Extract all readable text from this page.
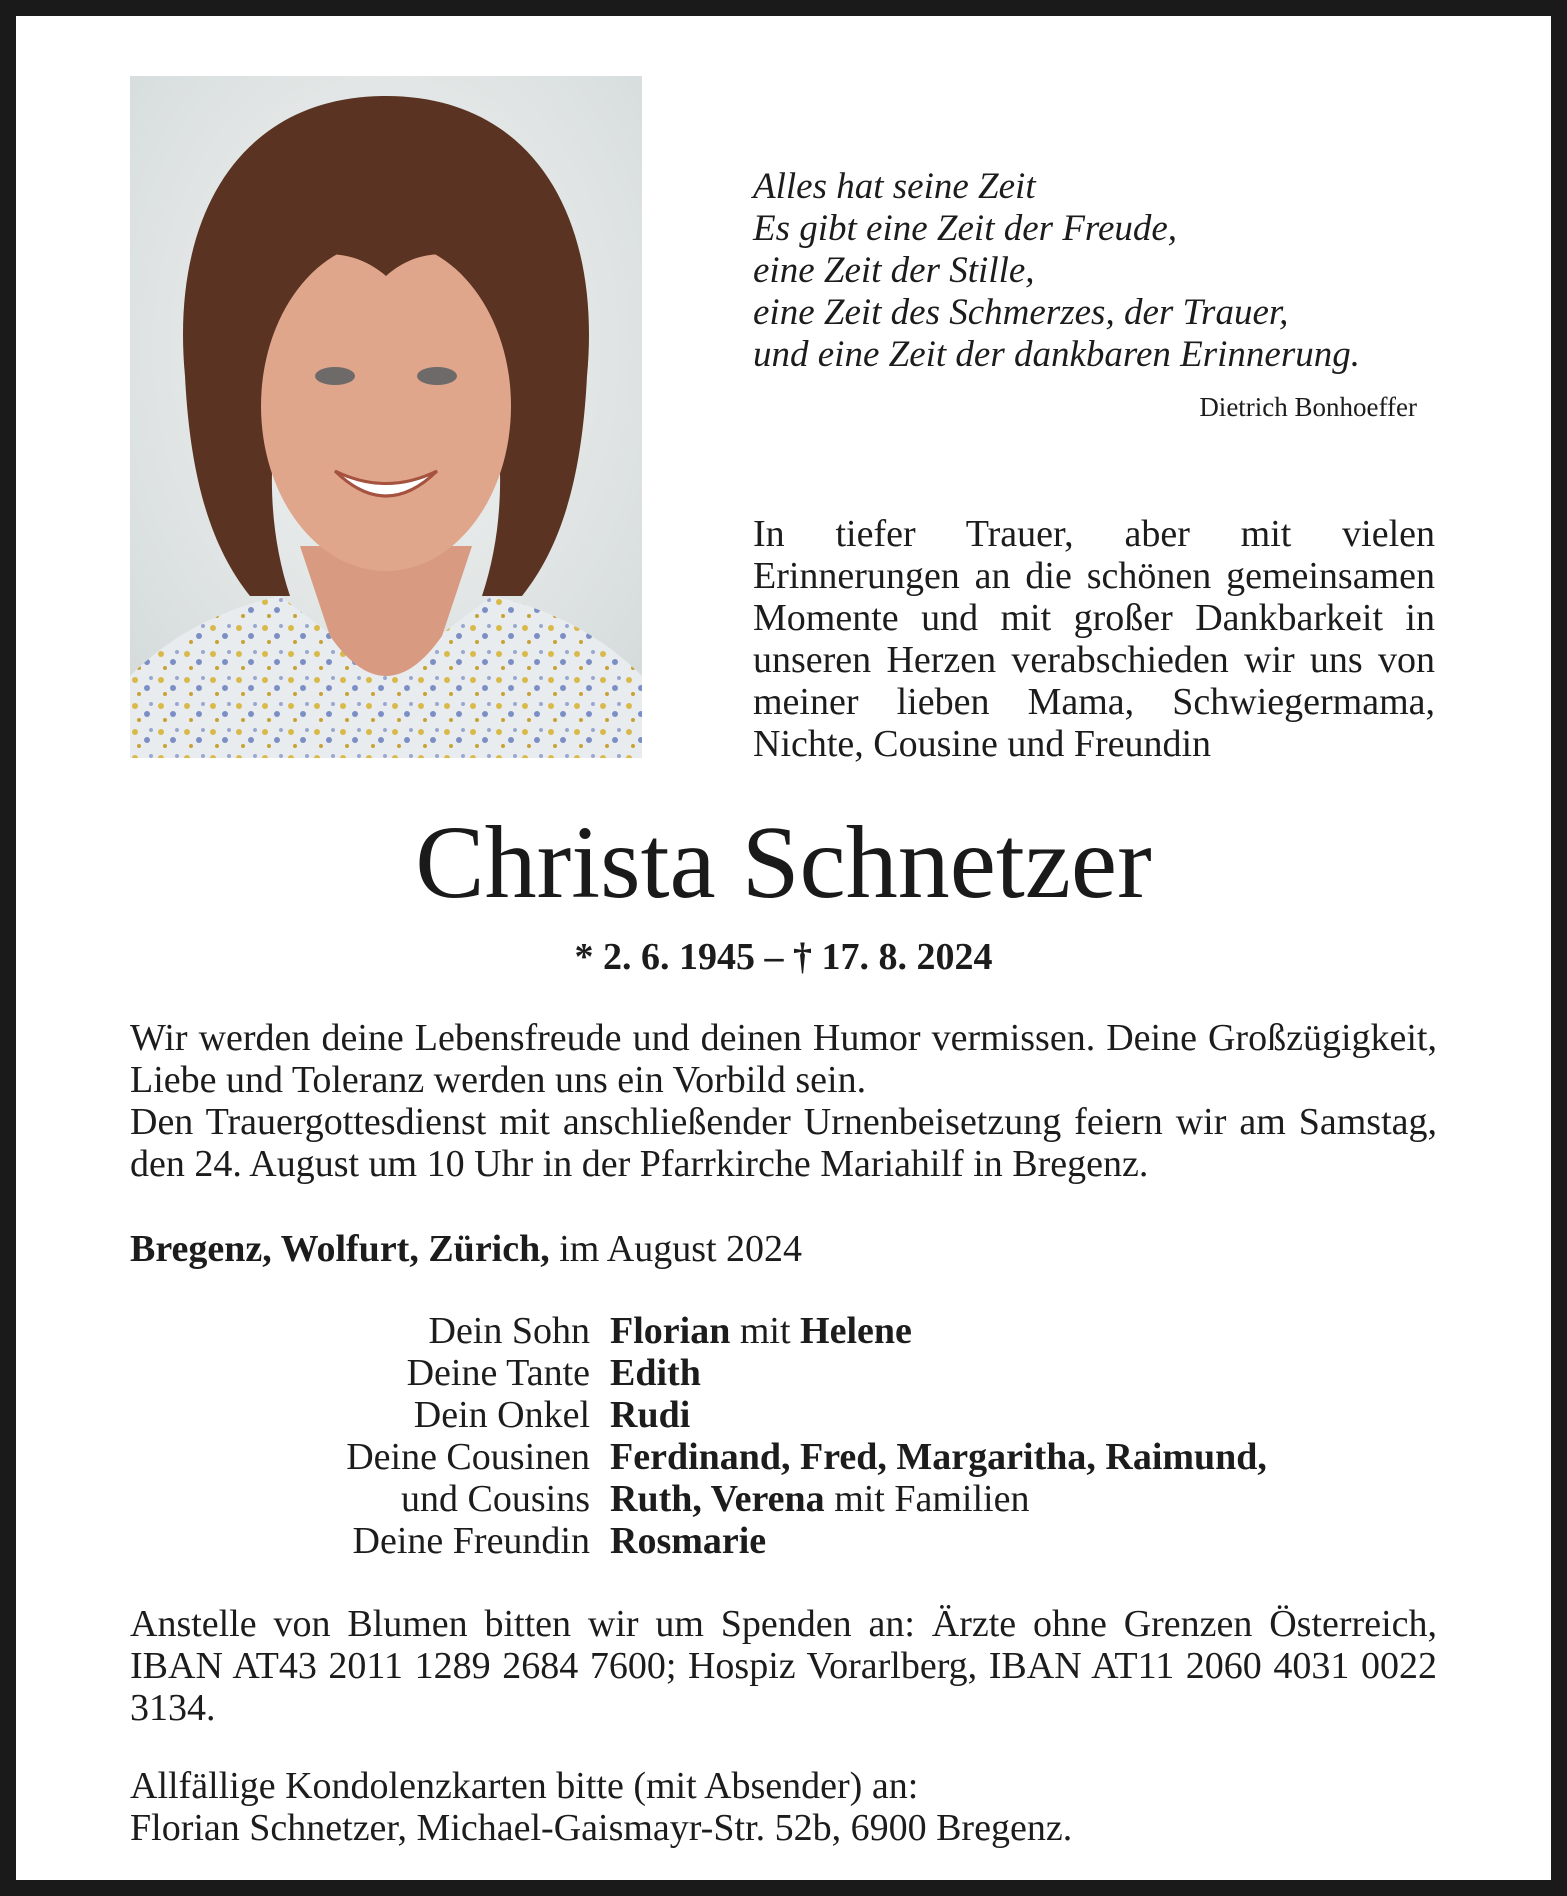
Alles hat seine Zeit
Es gibt eine Zeit der Freude,
eine Zeit der Stille,
eine Zeit des Schmerzes, der Trauer,
und eine Zeit der dankbaren Erinnerung.
Dietrich Bonhoeffer
In tiefer Trauer, aber mit vielen Erinnerungen an die schönen gemeinsamen Momente und mit großer Dankbarkeit in unseren Herzen verabschieden wir uns von meiner lieben Mama, Schwiegermama, Nichte, Cousine und Freundin
Christa Schnetzer
* 2. 6. 1945 – † 17. 8. 2024

Wir werden deine Lebensfreude und deinen Humor vermissen. Deine Großzügigkeit, Liebe und Toleranz werden uns ein Vorbild sein.

Den Trauergottesdienst mit anschließender Urnenbeisetzung feiern wir am Samstag, den 24. August um 10 Uhr in der Pfarrkirche Mariahilf in Bregenz.

Bregenz, Wolfurt, Zürich, im August 2024
Dein Sohn Florian mit Helene
Deine Tante Edith
Dein Onkel Rudi
Deine Cousinen Ferdinand, Fred, Margaritha, Raimund,
und Cousins Ruth, Verena mit Familien
Deine Freundin Rosmarie
Anstelle von Blumen bitten wir um Spenden an: Ärzte ohne Grenzen Österreich, IBAN AT43 2011 1289 2684 7600; Hospiz Vorarlberg, IBAN AT11 2060 4031 0022 3134.
Allfällige Kondolenzkarten bitte (mit Absender) an:
Florian Schnetzer, Michael-Gaismayr-Str. 52b, 6900 Bregenz.
